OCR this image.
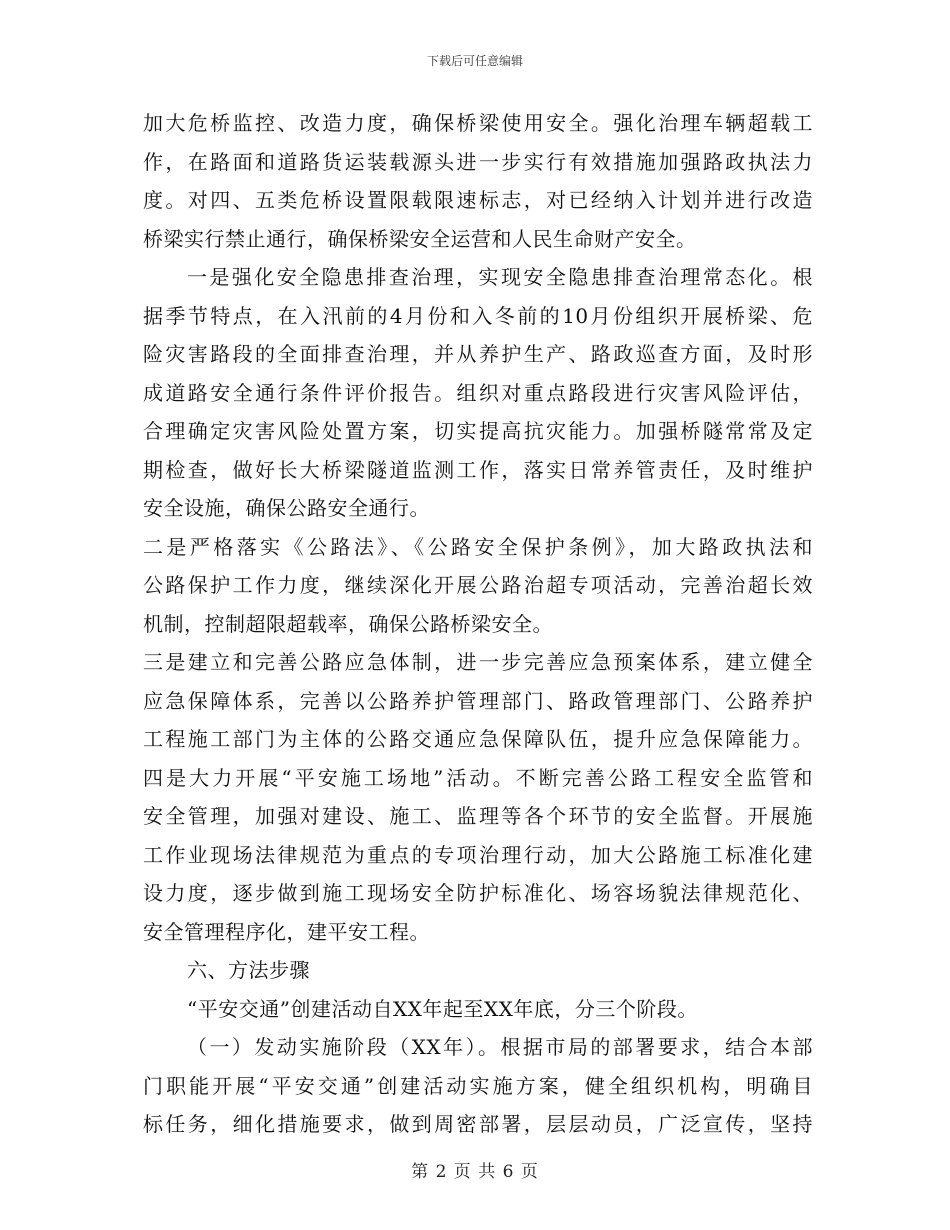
下载后可任意编辑
加大危桥监控、改造力度，确保桥梁使用安全。强化治理车辆超载工
作，在路面和道路货运装载源头进一步实行有效措施加强路政执法力
度。对四、五类危桥设置限载限速标志，对已经纳入计划并进行改造
桥梁实行禁止通行，确保桥梁安全运营和人民生命财产安全。
一是强化安全隐患排查治理，实现安全隐患排查治理常态化。根
据季节特点，在入汛前的4月份和入冬前的10月份组织开展桥梁、危
险灾害路段的全面排查治理，并从养护生产、路政巡查方面，及时形
成道路安全通行条件评价报告。组织对重点路段进行灾害风险评估，
合理确定灾害风险处置方案，切实提高抗灾能力。加强桥隧常常及定
期检查，做好长大桥梁隧道监测工作，落实日常养管责任，及时维护
安全设施，确保公路安全通行。
二是严格落实《公路法》、《公路安全保护条例》，加大路政执法和
公路保护工作力度，继续深化开展公路治超专项活动，完善治超长效
机制，控制超限超载率，确保公路桥梁安全。
三是建立和完善公路应急体制，进一步完善应急预案体系，建立健全
应急保障体系，完善以公路养护管理部门、路政管理部门、公路养护
工程施工部门为主体的公路交通应急保障队伍，提升应急保障能力。
四是大力开展“平安施工场地”活动。不断完善公路工程安全监管和
安全管理，加强对建设、施工、监理等各个环节的安全监督。开展施
工作业现场法律规范为重点的专项治理行动，加大公路施工标准化建
设力度，逐步做到施工现场安全防护标准化、场容场貌法律规范化、
安全管理程序化，建平安工程。
六、方法步骤
“平安交通”创建活动自XX年起至XX年底，分三个阶段。
（一）发动实施阶段（XX年）。根据市局的部署要求，结合本部
门职能开展“平安交通”创建活动实施方案，健全组织机构，明确目
标任务，细化措施要求，做到周密部署，层层动员，广泛宣传，坚持
第 2 页 共 6 页
